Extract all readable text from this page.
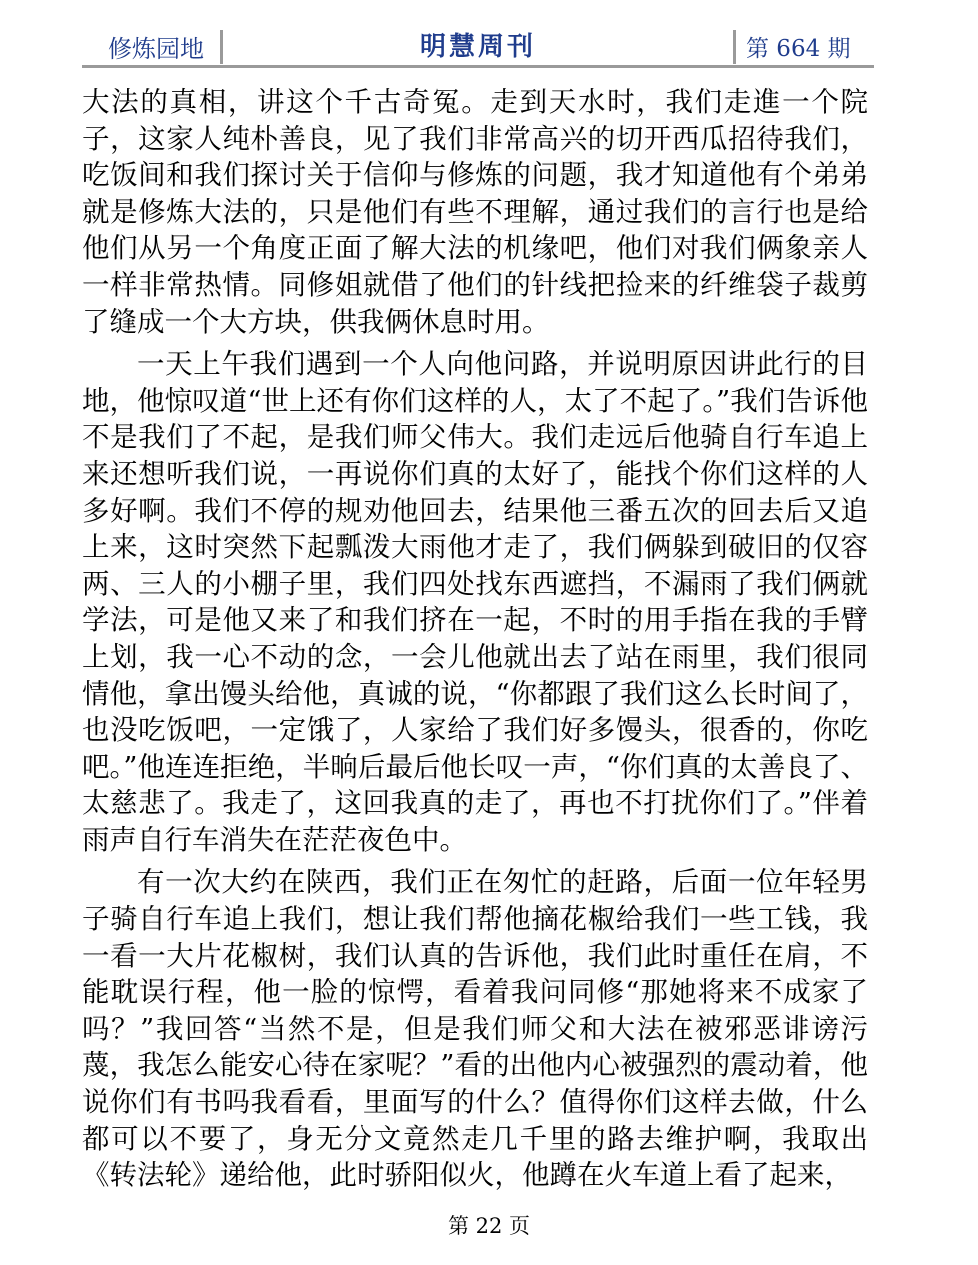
修炼园地	明慧周刊	第 664 期

大法的真相，讲这个千古奇冤。走到天水时，我们走進一个院子，这家人纯朴善良，见了我们非常高兴的切开西瓜招待我们，吃饭间和我们探讨关于信仰与修炼的问题，我才知道他有个弟弟就是修炼大法的，只是他们有些不理解，通过我们的言行也是给他们从另一个角度正面了解大法的机缘吧，他们对我们俩象亲人一样非常热情。同修姐就借了他们的针线把捡来的纤维袋子裁剪了缝成一个大方块，供我俩休息时用。

一天上午我们遇到一个人向他问路，并说明原因讲此行的目地，他惊叹道“世上还有你们这样的人，太了不起了。”我们告诉他不是我们了不起，是我们师父伟大。我们走远后他骑自行车追上来还想听我们说，一再说你们真的太好了，能找个你们这样的人多好啊。我们不停的规劝他回去，结果他三番五次的回去后又追上来，这时突然下起瓢泼大雨他才走了，我们俩躲到破旧的仅容两、三人的小棚子里，我们四处找东西遮挡，不漏雨了我们俩就学法，可是他又来了和我们挤在一起，不时的用手指在我的手臂上划，我一心不动的念，一会儿他就出去了站在雨里，我们很同情他，拿出馒头给他，真诚的说，“你都跟了我们这么长时间了，也没吃饭吧，一定饿了，人家给了我们好多馒头，很香的，你吃吧。”他连连拒绝，半晌后最后他长叹一声，“你们真的太善良了、太慈悲了。我走了，这回我真的走了，再也不打扰你们了。”伴着雨声自行车消失在茫茫夜色中。

有一次大约在陕西，我们正在匆忙的赶路，后面一位年轻男子骑自行车追上我们，想让我们帮他摘花椒给我们一些工钱，我一看一大片花椒树，我们认真的告诉他，我们此时重任在肩，不能耽误行程，他一脸的惊愕，看着我问同修“那她将来不成家了吗？”我回答“当然不是，但是我们师父和大法在被邪恶诽谤污蔑，我怎么能安心待在家呢？”看的出他内心被强烈的震动着，他说你们有书吗我看看，里面写的什么？值得你们这样去做，什么都可以不要了，身无分文竟然走几千里的路去维护啊，我取出《转法轮》递给他，此时骄阳似火，他蹲在火车道上看了起来，

第 22 页
